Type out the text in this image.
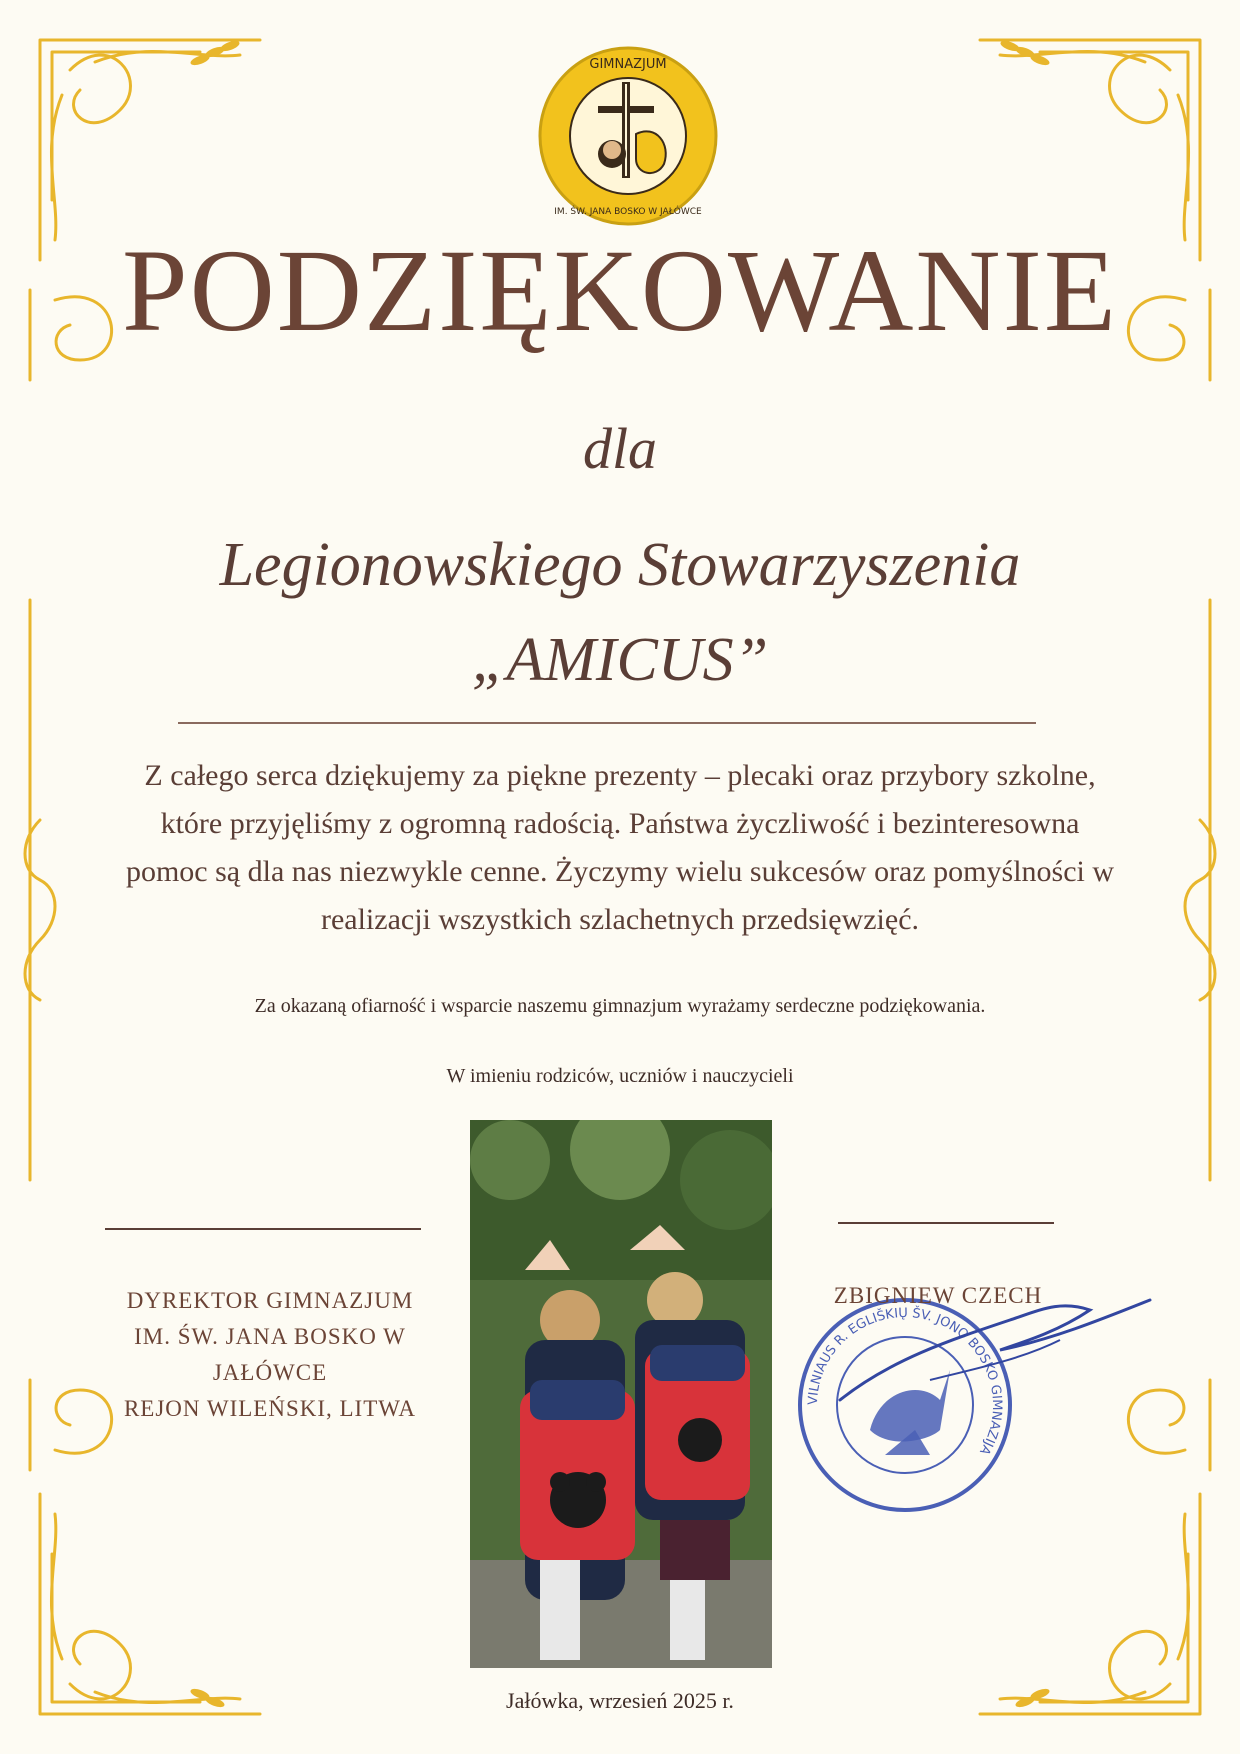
GIMNAZJUM
IM. ŚW. JANA BOSKO W JAŁÓWCE
PODZIĘKOWANIE
dla
Legionowskiego Stowarzyszenia
„AMICUS”
Z całego serca dziękujemy za piękne prezenty – plecaki oraz przybory szkolne, które przyjęliśmy z ogromną radością. Państwa życzliwość i bezinteresowna pomoc są dla nas niezwykle cenne. Życzymy wielu sukcesów oraz pomyślności w realizacji wszystkich szlachetnych przedsięwzięć.
Za okazaną ofiarność i wsparcie naszemu gimnazjum wyrażamy serdeczne podziękowania.
W imieniu rodziców, uczniów i nauczycieli
DYREKTOR GIMNAZJUM
IM. ŚW. JANA BOSKO W
JAŁÓWCE
REJON WILEŃSKI, LITWA	VILNIAUS R. EGLIŠKIŲ ŠV. JONO BOSKO GIMNAZIJA
ZBIGNIEW CZECH
Jałówka, wrzesień 2025 r.
